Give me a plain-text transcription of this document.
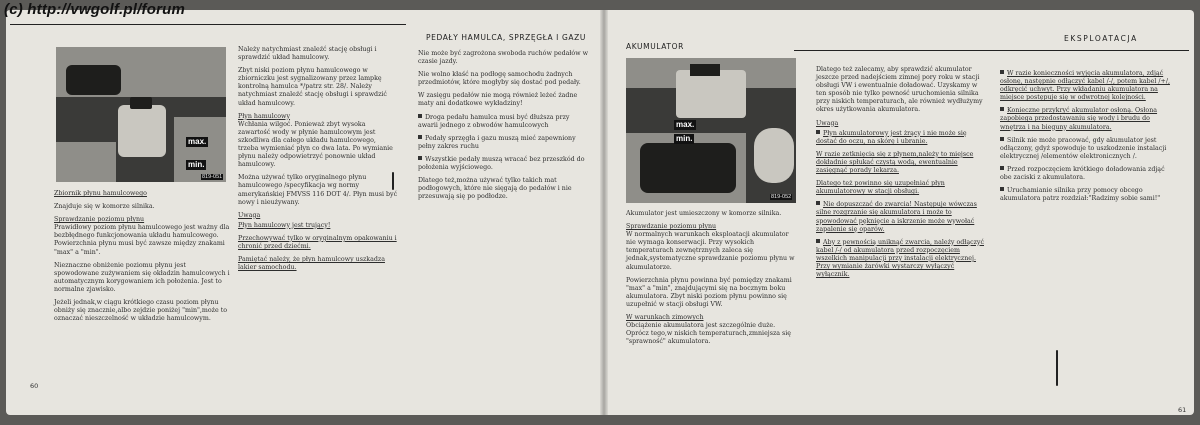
(c) http://vwgolf.pl/forum
PEDAŁY HAMULCA, SPRZĘGŁA I GAZU
max.
min.
819-051

Zbiornik płynu hamulcowego

Znajduje się w komorze silnika.

Sprawdzanie poziomu płynu

Prawidłowy poziom płynu hamulcowego jest ważny dla bezbłędnego funkcjonowania układu hamulcowego. Powierzchnia płynu musi być zawsze między znakami "max" a "min".

Nieznaczne obniżenie poziomu płynu jest spowodowane zużywaniem się okładzin hamulcowych i automatycznym korygowaniem ich położenia. Jest to normalne zjawisko.

Jeżeli jednak,w ciągu krótkiego czasu poziom płynu obniży się znacznie,albo zejdzie poniżej "min",może to oznaczać nieszczelność w układzie hamulcowym.

Należy natychmiast znaleźć stację obsługi i sprawdzić układ hamulcowy.

Zbyt niski poziom płynu hamulcowego w zbiorniczku jest sygnalizowany przez lampkę kontrolną hamulca */patrz str. 28/. Należy natychmiast znaleźć stację obsługi i sprawdzić układ hamulcowy.

Płyn hamulcowy

Wchłania wilgoć. Ponieważ zbyt wysoka zawartość wody w płynie hamulcowym jest szkodliwa dla całego układu hamulcowego, trzeba wymieniać płyn co dwa lata. Po wymianie płynu należy odpowietrzyć ponownie układ hamulcowy.

Można używać tylko oryginalnego płynu hamulcowego /specyfikacja wg normy amerykańskiej FMVSS 116 DOT 4/. Płyn musi być nowy i nieużywany.

Uwaga

Płyn hamulcowy jest trujący!

Przechowywać tylko w oryginalnym opakowaniu i chronić przed dziećmi.

Pamiętać należy, że płyn hamulcowy uszkadza lakier samochodu.

Nie może być zagrożona swoboda ruchów pedałów w czasie jazdy.

Nie wolno kłaść na podłogę samochodu żadnych przedmiotów, które mogłyby się dostać pod pedały.

W zasięgu pedałów nie mogą również leżeć żadne maty ani dodatkowe wykładziny!

Droga pedału hamulca musi być dłuższa przy awarii jednego z obwodów hamulcowych
Pedały sprzęgła i gazu muszą mieć zapewniony pełny zakres ruchu
Wszystkie pedały muszą wracać bez przeszkód do położenia wyjściowego.

Dlatego też,można używać tylko takich mat podłogowych, które nie sięgają do pedałów i nie przesuwają się po podłodze.

60
AKUMULATOR
EKSPLOATACJA
max.
min.
819-052

Akumulator jest umieszczony w komorze silnika.

Sprawdzanie poziomu płynu

W normalnych warunkach eksploatacji akumulator nie wymaga konserwacji. Przy wysokich temperaturach zewnętrznych zaleca się jednak,systematyczne sprawdzanie poziomu płynu w akumulatorze.

Powierzchnia płynu powinna być pomiędzy znakami "max" a "min", znajdującymi się na bocznym boku akumulatora. Zbyt niski poziom płynu powinno się uzupełnić w stacji obsługi VW.

W warunkach zimowych

Obciążenie akumulatora jest szczególnie duże. Oprócz tego,w niskich temperaturach,zmniejsza się "sprawność" akumulatora.

Dlatego też zalecamy, aby sprawdzić akumulator jeszcze przed nadejściem zimnej pory roku w stacji obsługi VW i ewentualnie doładować. Uzyskamy w ten sposób nie tylko pewność uruchomienia silnika przy niskich temperaturach, ale również wydłużymy okres użytkowania akumulatora.

Uwaga

Płyn akumulatorowy jest żrący i nie może się dostać do oczu, na skórę i ubranie.

W razie zetknięcia się z płynem,należy to miejsce dokładnie spłukać czystą wodą, ewentualnie zasięgnąć porady lekarza.

Dlatego też powinno się uzupełniać płyn akumulatorowy w stacji obsługi.

Nie dopuszczać do zwarcia! Następuje wówczas silne rozgrzanie się akumulatora i może to spowodować pęknięcie a iskrzenie może wywołać zapalenie się oparów.
Aby z pewnością uniknąć zwarcia, należy odłączyć kabel /-/ od akumulatora przed rozpoczęciem wszelkich manipulacji przy instalacji elektrycznej. Przy wymianie żarówki wystarczy wyłączyć wyłącznik.
W razie konieczności wyjęcia akumulatora, zdjąć osłonę, następnie odłączyć kabel /-/, potem kabel /+/, odkręcić uchwyt. Przy wkładaniu akumulatora na miejsce postępuje się w odwrotnej kolejności.
Konieczne przykryć akumulator osłoną. Osłona zapobiega przedostawaniu się wody i brudu do wnętrza i na bieguny akumulatora.
Silnik nie może pracować, gdy akumulator jest odłączony, gdyż spowoduje to uszkodzenie instalacji elektrycznej /elementów elektronicznych /.
Przed rozpoczęciem krótkiego doładowania zdjąć obe zaciski z akumulatora.
Uruchamianie silnika przy pomocy obcego akumulatora patrz rozdział:"Radzimy sobie sami!"
61
